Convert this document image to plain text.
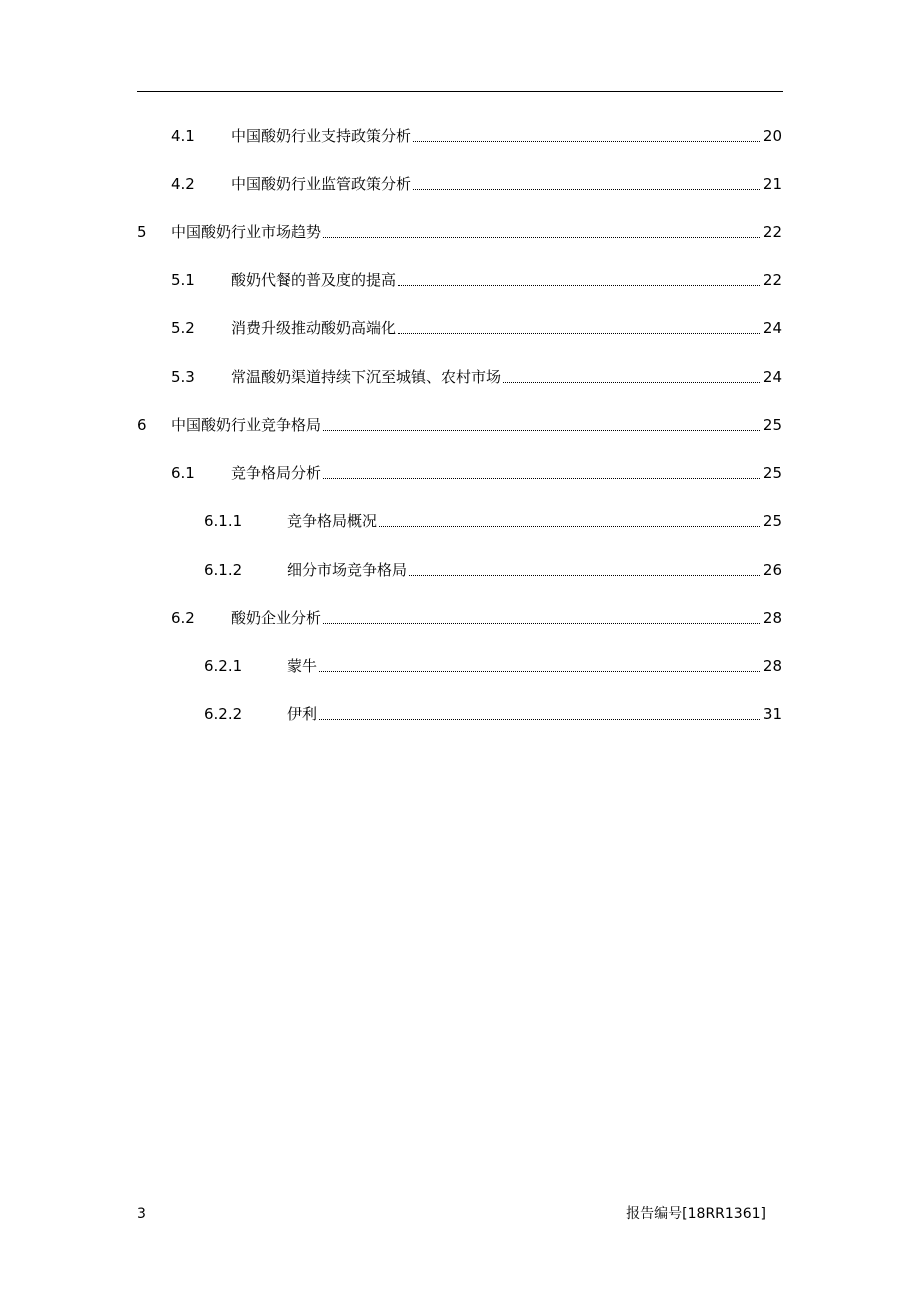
4.1 中国酸奶行业支持政策分析	20
4.2 中国酸奶行业监管政策分析	21
5 中国酸奶行业市场趋势	22
5.1 酸奶代餐的普及度的提高	22
5.2 消费升级推动酸奶高端化	24
5.3 常温酸奶渠道持续下沉至城镇、农村市场	24
6 中国酸奶行业竞争格局	25
6.1 竞争格局分析	25
6.1.1	竞争格局概况	25
6.1.2	细分市场竞争格局	26
6.2 酸奶企业分析	28
6.2.1	蒙牛	28
6.2.2	伊利	31
3	报告编号[18RR1361]
